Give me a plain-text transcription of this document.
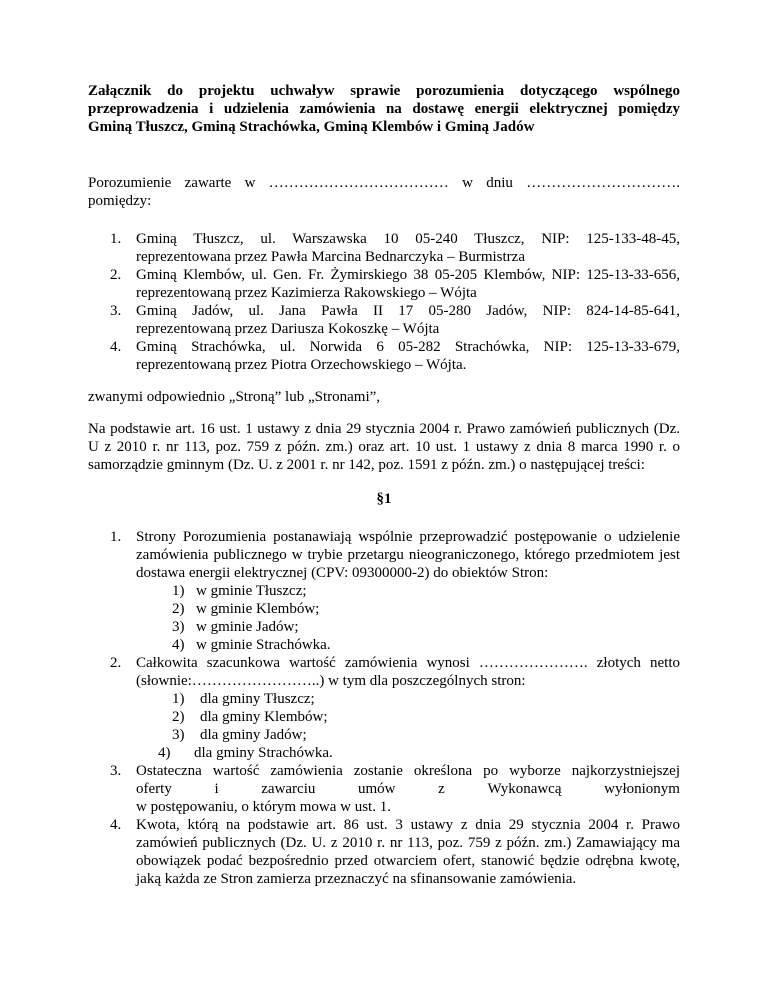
Załącznik do projektu uchwaływ sprawie porozumienia dotyczącego wspólnego
przeprowadzenia i udzielenia zamówienia na dostawę energii elektrycznej pomiędzy
Gminą Tłuszcz, Gminą Strachówka, Gminą Klembów i Gminą Jadów
Porozumienie zawarte w ……………………………… w dniu ………………………….
pomiędzy:
1. Gminą Tłuszcz, ul. Warszawska 10 05-240 Tłuszcz, NIP: 125-133-48-45,
reprezentowana przez Pawła Marcina Bednarczyka – Burmistrza
2. Gminą Klembów, ul. Gen. Fr. Żymirskiego 38 05-205 Klembów, NIP: 125-13-33-656,
reprezentowaną przez Kazimierza Rakowskiego – Wójta
3. Gminą Jadów, ul. Jana Pawła II 17 05-280 Jadów, NIP: 824-14-85-641,
reprezentowaną przez Dariusza Kokoszkę – Wójta
4. Gminą Strachówka, ul. Norwida 6 05-282 Strachówka, NIP: 125-13-33-679,
reprezentowaną przez Piotra Orzechowskiego – Wójta.
zwanymi odpowiednio „Stroną” lub „Stronami”,
Na podstawie art. 16 ust. 1 ustawy z dnia 29 stycznia 2004 r. Prawo zamówień publicznych (Dz. U z 2010 r. nr 113, poz. 759 z późn. zm.) oraz art. 10 ust. 1 ustawy z dnia 8 marca 1990 r. o samorządzie gminnym (Dz. U. z 2001 r. nr 142, poz. 1591 z późn. zm.) o następującej treści:
§1
1. Strony Porozumienia postanawiają wspólnie przeprowadzić postępowanie o udzielenie zamówienia publicznego w trybie przetargu nieograniczonego, którego przedmiotem jest dostawa energii elektrycznej (CPV: 09300000-2) do obiektów Stron:
1) w gminie Tłuszcz;
2) w gminie Klembów;
3) w gminie Jadów;
4) w gminie Strachówka.
2. Całkowita szacunkowa wartość zamówienia wynosi …………………. złotych netto (słownie:……………………..) w tym dla poszczególnych stron:
1) dla gminy Tłuszcz;
2) dla gminy Klembów;
3) dla gminy Jadów;
4) dla gminy Strachówka.
3. Ostateczna wartość zamówienia zostanie określona po wyborze najkorzystniejszej
oferty	i	zawarciu	umów	z	Wykonawcą	wyłonionym
w postępowaniu, o którym mowa w ust. 1.
4. Kwota, którą na podstawie art. 86 ust. 3 ustawy z dnia 29 stycznia 2004 r. Prawo zamówień publicznych (Dz. U. z 2010 r. nr 113, poz. 759 z późn. zm.) Zamawiający ma obowiązek podać bezpośrednio przed otwarciem ofert, stanowić będzie odrębna kwotę, jaką każda ze Stron zamierza przeznaczyć na sfinansowanie zamówienia.
